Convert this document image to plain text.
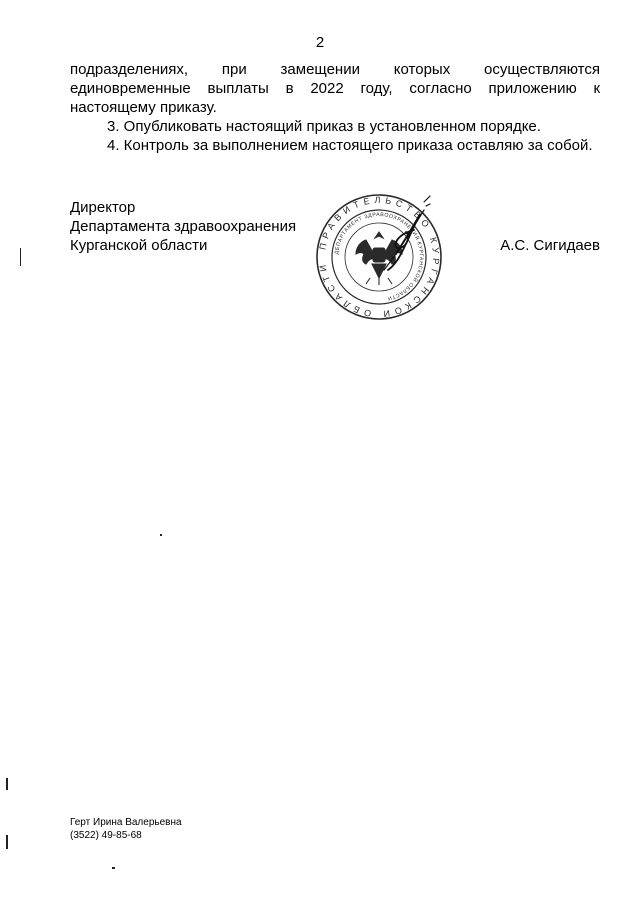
2
подразделениях, при замещении которых осуществляются
единовременные выплаты в 2022 году, согласно приложению к
настоящему приказу.
3. Опубликовать настоящий приказ в установленном порядке.
4. Контроль за выполнением настоящего приказа оставляю за собой.
Директор
Департамента здравоохранения
Курганской области	ПРАВИТЕЛЬСТВО КУРГАНСКОЙ ОБЛАСТИ
ДЕПАРТАМЕНТ ЗДРАВООХРАНЕНИЯ КУРГАНСКОЙ ОБЛАСТИ
А.С. Сигидаев
Герт Ирина Валерьевна
(3522) 49-85-68
